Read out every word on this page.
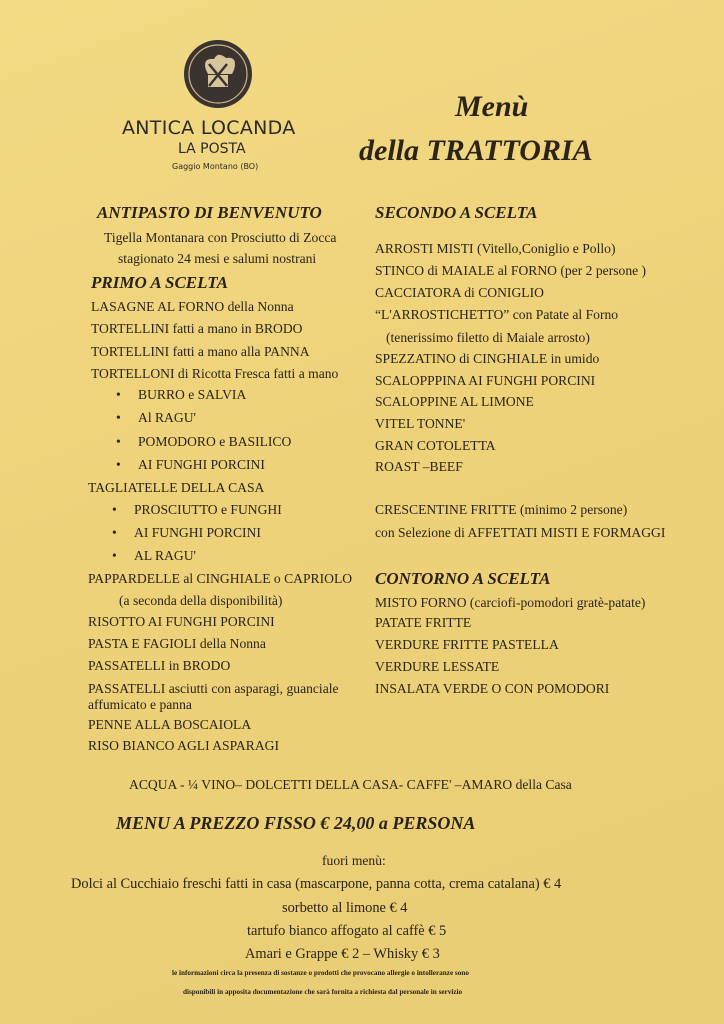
ANTICA LOCANDA
LA POSTA
Gaggio Montano (BO)
Menù
della TRATTORIA
ANTIPASTO DI BENVENUTO
Tigella Montanara con Prosciutto di Zocca
stagionato 24 mesi e salumi nostrani
PRIMO A SCELTA
LASAGNE AL FORNO della Nonna
TORTELLINI fatti a mano in BRODO
TORTELLINI fatti a mano alla PANNA
TORTELLONI di Ricotta Fresca fatti a mano
• BURRO e SALVIA
• Al RAGU'
• POMODORO e BASILICO
• AI FUNGHI PORCINI
TAGLIATELLE DELLA CASA
• PROSCIUTTO e FUNGHI
• AI FUNGHI PORCINI
• AL RAGU'
PAPPARDELLE al CINGHIALE o CAPRIOLO
(a seconda della disponibilità)
RISOTTO AI FUNGHI PORCINI
PASTA E FAGIOLI della Nonna
PASSATELLI in BRODO
PASSATELLI asciutti con asparagi, guanciale
affumicato e panna
PENNE ALLA BOSCAIOLA
RISO BIANCO AGLI ASPARAGI
SECONDO A SCELTA
ARROSTI MISTI (Vitello,Coniglio e Pollo)
STINCO di MAIALE al FORNO (per 2 persone )
CACCIATORA di CONIGLIO
“L'ARROSTICHETTO” con Patate al Forno
(tenerissimo filetto di Maiale arrosto)
SPEZZATINO di CINGHIALE in umido
SCALOPPPINA AI FUNGHI PORCINI
SCALOPPINE AL LIMONE
VITEL TONNE'
GRAN COTOLETTA
ROAST –BEEF
CRESCENTINE FRITTE (minimo 2 persone)
con Selezione di AFFETTATI MISTI E FORMAGGI
CONTORNO A SCELTA
MISTO FORNO (carciofi-pomodori gratè-patate)
PATATE FRITTE
VERDURE FRITTE PASTELLA
VERDURE LESSATE
INSALATA VERDE O CON POMODORI
ACQUA - ¼ VINO– DOLCETTI DELLA CASA- CAFFE' –AMARO della Casa
MENU A PREZZO FISSO € 24,00 a PERSONA
fuori menù:
Dolci al Cucchiaio freschi fatti in casa (mascarpone, panna cotta, crema catalana) € 4
sorbetto al limone € 4
tartufo bianco affogato al caffè € 5
Amari e Grappe € 2 – Whisky € 3
le informazioni circa la presenza di sostanze o prodotti che provocano allergie o intolleranze sono
disponibili in apposita documentazione che sarà fornita a richiesta dal personale in servizio
